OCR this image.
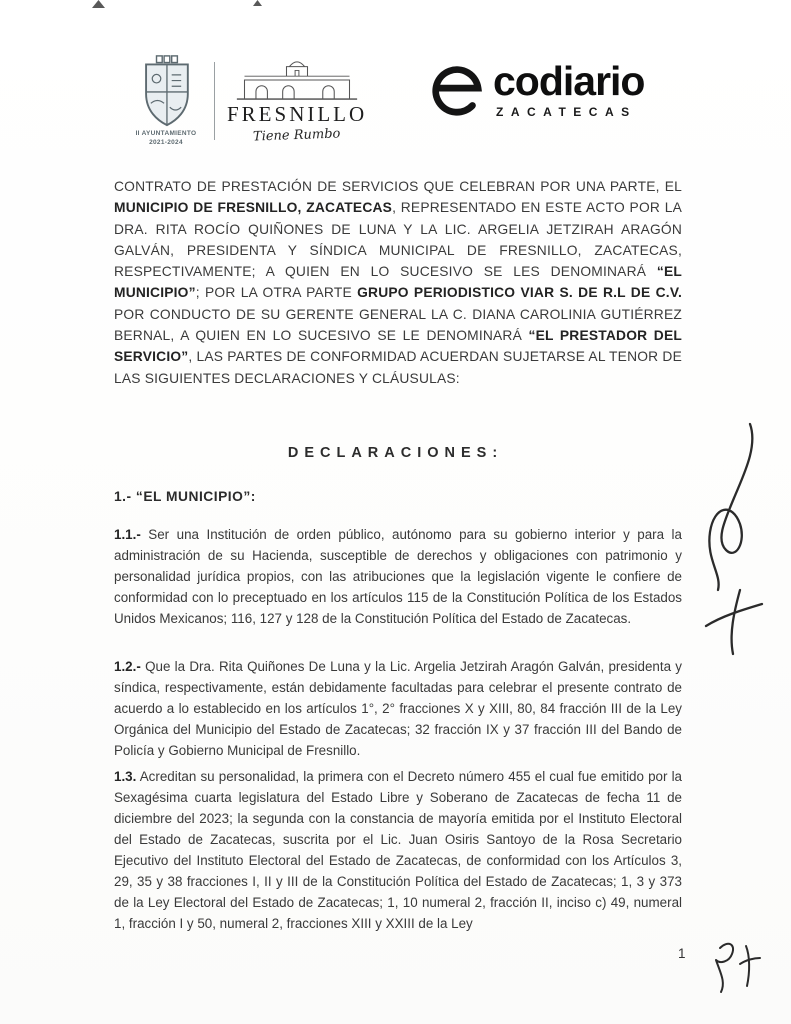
II AYUNTAMIENTO
2021-2024
FRESNILLO
Tiene Rumbo
codiario
ZACATECAS

CONTRATO DE PRESTACIÓN DE SERVICIOS QUE CELEBRAN POR UNA PARTE, EL MUNICIPIO DE FRESNILLO, ZACATECAS, REPRESENTADO EN ESTE ACTO POR LA DRA. RITA ROCÍO QUIÑONES DE LUNA Y LA LIC. ARGELIA JETZIRAH ARAGÓN GALVÁN, PRESIDENTA Y SÍNDICA MUNICIPAL DE FRESNILLO, ZACATECAS, RESPECTIVAMENTE; A QUIEN EN LO SUCESIVO SE LES DENOMINARÁ “EL MUNICIPIO”; POR LA OTRA PARTE GRUPO PERIODISTICO VIAR S. DE R.L DE C.V. POR CONDUCTO DE SU GERENTE GENERAL LA C. DIANA CAROLINIA GUTIÉRREZ BERNAL, A QUIEN EN LO SUCESIVO SE LE DENOMINARÁ “EL PRESTADOR DEL SERVICIO”, LAS PARTES DE CONFORMIDAD ACUERDAN SUJETARSE AL TENOR DE LAS SIGUIENTES DECLARACIONES Y CLÁUSULAS:

DECLARACIONES:
1.- “EL MUNICIPIO”:

1.1.- Ser una Institución de orden público, autónomo para su gobierno interior y para la administración de su Hacienda, susceptible de derechos y obligaciones con patrimonio y personalidad jurídica propios, con las atribuciones que la legislación vigente le confiere de conformidad con lo preceptuado en los artículos 115 de la Constitución Política de los Estados Unidos Mexicanos; 116, 127 y 128 de la Constitución Política del Estado de Zacatecas.

1.2.- Que la Dra. Rita Quiñones De Luna y la Lic. Argelia Jetzirah Aragón Galván, presidenta y síndica, respectivamente, están debidamente facultadas para celebrar el presente contrato de acuerdo a lo establecido en los artículos 1°, 2° fracciones X y XIII, 80, 84 fracción III de la Ley Orgánica del Municipio del Estado de Zacatecas; 32 fracción IX y 37 fracción III del Bando de Policía y Gobierno Municipal de Fresnillo.

1.3. Acreditan su personalidad, la primera con el Decreto número 455 el cual fue emitido por la Sexagésima cuarta legislatura del Estado Libre y Soberano de Zacatecas de fecha 11 de diciembre del 2023; la segunda con la constancia de mayoría emitida por el Instituto Electoral del Estado de Zacatecas, suscrita por el Lic. Juan Osiris Santoyo de la Rosa Secretario Ejecutivo del Instituto Electoral del Estado de Zacatecas, de conformidad con los Artículos 3, 29, 35 y 38 fracciones I, II y III de la Constitución Política del Estado de Zacatecas; 1, 3 y 373 de la Ley Electoral del Estado de Zacatecas; 1, 10 numeral 2, fracción II, inciso c) 49, numeral 1, fracción I y 50, numeral 2, fracciones XIII y XXIII de la Ley

1
